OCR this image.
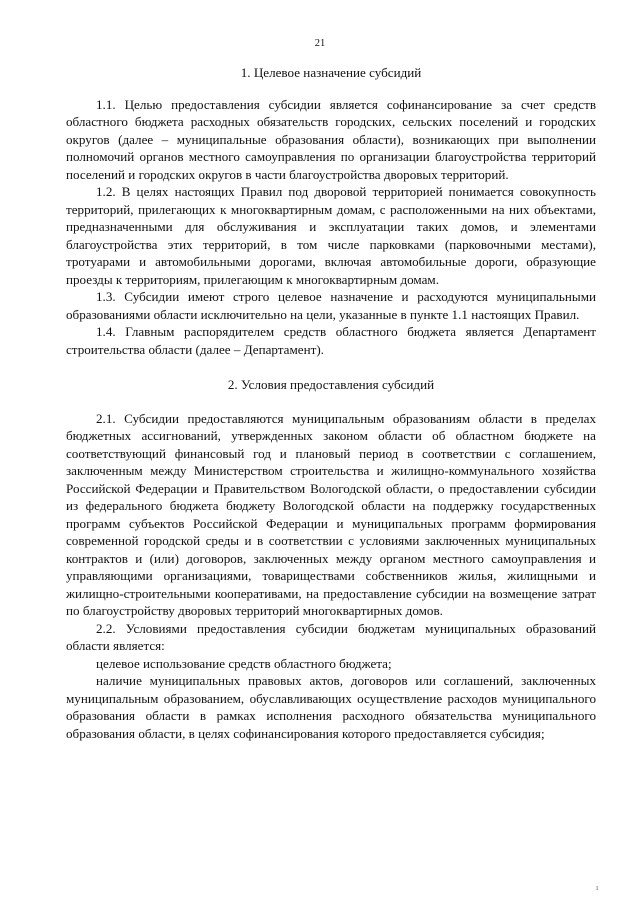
21
1. Целевое назначение субсидий

1.1. Целью предоставления субсидии является софинансирование за счет средств областного бюджета расходных обязательств городских, сельских поселений и городских округов (далее – муниципальные образования области), возникающих при выполнении полномочий органов местного самоуправления по организации благоустройства территорий поселений и городских округов в части благоустройства дворовых территорий.

1.2. В целях настоящих Правил под дворовой территорией понимается совокупность территорий, прилегающих к многоквартирным домам, с расположенными на них объектами, предназначенными для обслуживания и эксплуатации таких домов, и элементами благоустройства этих территорий, в том числе парковками (парковочными местами), тротуарами и автомобильными дорогами, включая автомобильные дороги, образующие проезды к территориям, прилегающим к многоквартирным домам.

1.3. Субсидии имеют строго целевое назначение и расходуются муниципальными образованиями области исключительно на цели, указанные в пункте 1.1 настоящих Правил.

1.4. Главным распорядителем средств областного бюджета является Департамент строительства области (далее – Департамент).

2. Условия предоставления субсидий

2.1. Субсидии предоставляются муниципальным образованиям области в пределах бюджетных ассигнований, утвержденных законом области об областном бюджете на соответствующий финансовый год и плановый период в соответствии с соглашением, заключенным между Министерством строительства и жилищно-коммунального хозяйства Российской Федерации и Правительством Вологодской области, о предоставлении субсидии из федерального бюджета бюджету Вологодской области на поддержку государственных программ субъектов Российской Федерации и муниципальных программ формирования современной городской среды и в соответствии с условиями заключенных муниципальных контрактов и (или) договоров, заключенных между органом местного самоуправления и управляющими организациями, товариществами собственников жилья, жилищными и жилищно-строительными кооперативами, на предоставление субсидии на возмещение затрат по благоустройству дворовых территорий многоквартирных домов.

2.2. Условиями предоставления субсидии бюджетам муниципальных образований области является:

целевое использование средств областного бюджета;

наличие муниципальных правовых актов, договоров или соглашений, заключенных муниципальным образованием, обуславливающих осуществление расходов муниципального образования области в рамках исполнения расходного обязательства муниципального образования области, в целях софинансирования которого предоставляется субсидия;

ı
